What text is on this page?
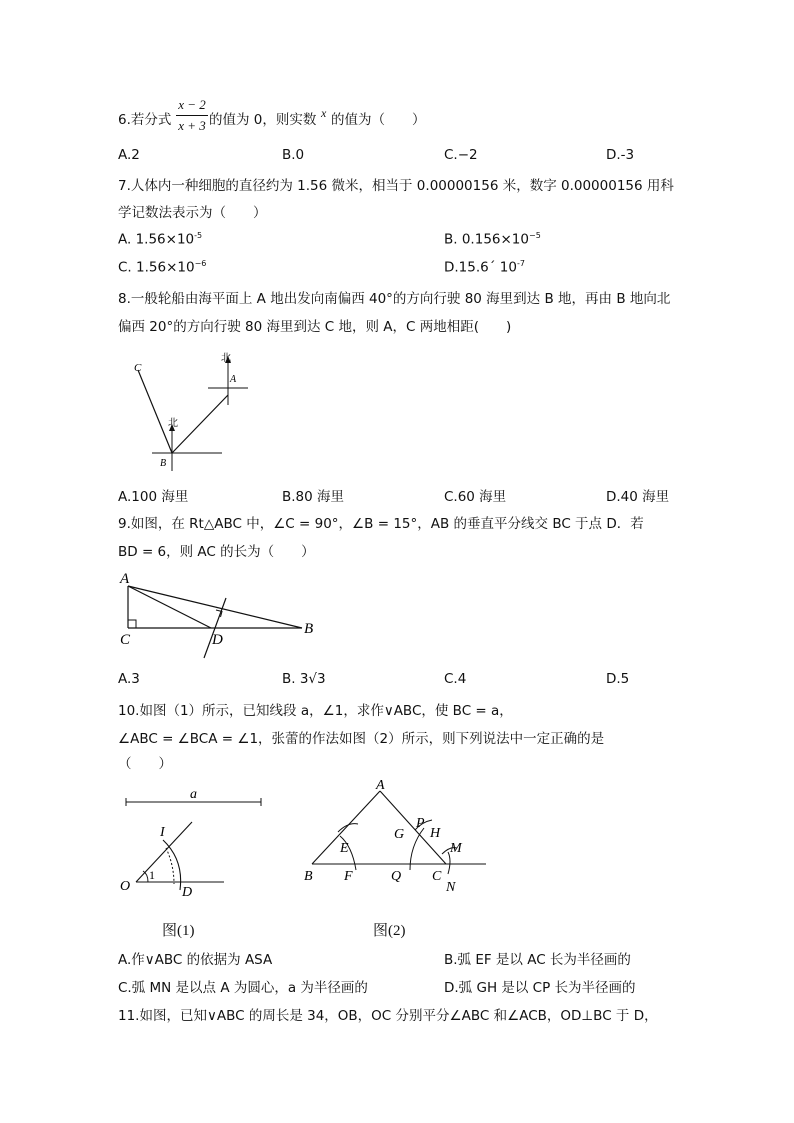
6.若分式
x − 2
x + 3 的值为 0，则实数 x 的值为（　　）
A.2	B.0	C.−2	D.-3
7.人体内一种细胞的直径约为 1.56 微米，相当于 0.00000156 米，数字 0.00000156 用科
学记数法表示为（　　）
A. $1.56\times 10^{-5}$	B. $0.156\times 10^{-5}$
C. $1.56\times 10^{-6}$	D.15.6´ $10^{-7}$
8.一般轮船由海平面上 A 地出发向南偏西 40°的方向行驶 80 海里到达 B 地，再由 B 地向北
偏西 20°的方向行驶 80 海里到达 C 地，则 A，C 两地相距(　　)
C
A
B
北
北
A.100 海里	B.80 海里	C.60 海里	D.40 海里
9.如图，在 Rt△ABC 中，∠C = 90°，∠B = 15°，AB 的垂直平分线交 BC 于点 D．若
BD = 6，则 AC 的长为（　　）
A
C	D
B
A.3	B. 3√3	C.4	D.5
10.如图（1）所示，已知线段 a，∠1，求作∨ABC，使 BC = a，
∠ABC = ∠BCA = ∠1，张蕾的作法如图（2）所示，则下列说法中一定正确的是
（　　）
a
I
O
1
D
A
E
G
P
H
M
B F	Q C
N
图(1)	图(2)
A.作∨ABC 的依据为 ASA	B.弧 EF 是以 AC 长为半径画的
C.弧 MN 是以点 A 为圆心，a 为半径画的	D.弧 GH 是以 CP 长为半径画的
11.如图，已知∨ABC 的周长是 34，OB，OC 分别平分∠ABC 和∠ACB，OD⊥BC 于 D，
